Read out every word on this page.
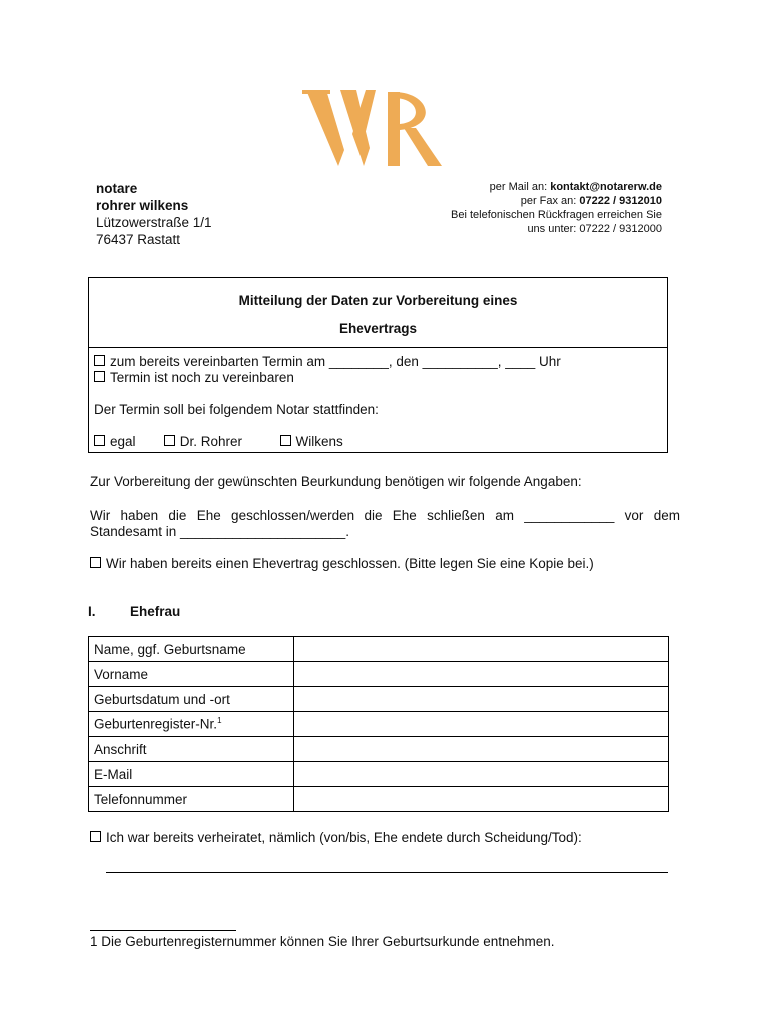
notare
rohrer wilkens
Lützowerstraße 1/1
76437 Rastatt
per Mail an: kontakt@notarerw.de
per Fax an: 07222 / 9312010
Bei telefonischen Rückfragen erreichen Sie
uns unter: 07222 / 9312000
Mitteilung der Daten zur Vorbereitung eines
Ehevertrags
zum bereits vereinbarten Termin am ________, den __________, ____ Uhr
Termin ist noch zu vereinbaren
Der Termin soll bei folgendem Notar stattfinden:
egal	Dr. Rohrer	Wilkens
Zur Vorbereitung der gewünschten Beurkundung benötigen wir folgende Angaben:
Wir haben die Ehe geschlossen/werden die Ehe schließen am ____________ vor dem
Standesamt in ______________________.
Wir haben bereits einen Ehevertrag geschlossen. (Bitte legen Sie eine Kopie bei.)
I.	Ehefrau
Name, ggf. Geburtsname	
Vorname	
Geburtsdatum und -ort	
Geburtenregister-Nr.$^1$	
Anschrift	
E-Mail	
Telefonnummer	
Ich war bereits verheiratet, nämlich (von/bis, Ehe endete durch Scheidung/Tod):
1 Die Geburtenregisternummer können Sie Ihrer Geburtsurkunde entnehmen.
